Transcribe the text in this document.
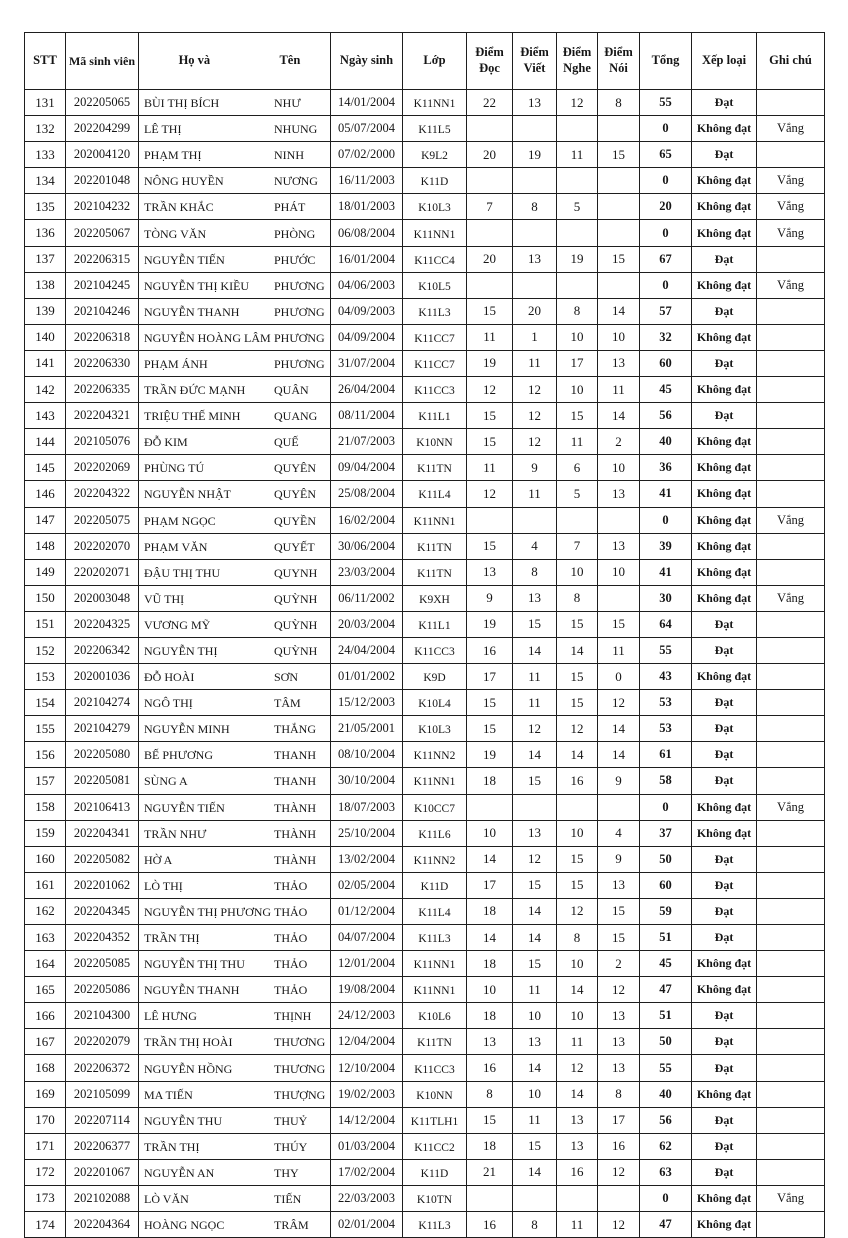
STT	Mã sinh viên	Họ và Tên	Ngày sinh	Lớp	Điểm Đọc	Điểm Viết	Điểm Nghe	Điểm Nói	Tổng	Xếp loại	Ghi chú
131	202205065	BÙI THỊ BÍCH NHƯ	14/01/2004	K11NN1	22	13	12	8	55	Đạt	
132	202204299	LÊ THỊ NHUNG	05/07/2004	K11L5					0	Không đạt	Vắng
133	202004120	PHẠM THỊ NINH	07/02/2000	K9L2	20	19	11	15	65	Đạt	
134	202201048	NÔNG HUYỀN NƯƠNG	16/11/2003	K11D					0	Không đạt	Vắng
135	202104232	TRẦN KHẮC PHÁT	18/01/2003	K10L3	7	8	5		20	Không đạt	Vắng
136	202205067	TÒNG VĂN PHÒNG	06/08/2004	K11NN1					0	Không đạt	Vắng
137	202206315	NGUYỄN TIẾN PHƯỚC	16/01/2004	K11CC4	20	13	19	15	67	Đạt	
138	202104245	NGUYỄN THỊ KIỀU PHƯƠNG	04/06/2003	K10L5					0	Không đạt	Vắng
139	202104246	NGUYỄN THANH PHƯƠNG	04/09/2003	K11L3	15	20	8	14	57	Đạt	
140	202206318	NGUYỄN HOÀNG LÂM PHƯƠNG	04/09/2004	K11CC7	11	1	10	10	32	Không đạt	
141	202206330	PHẠM ÁNH PHƯƠNG	31/07/2004	K11CC7	19	11	17	13	60	Đạt	
142	202206335	TRẦN ĐỨC MẠNH QUÂN	26/04/2004	K11CC3	12	12	10	11	45	Không đạt	
143	202204321	TRIỆU THẾ MINH QUANG	08/11/2004	K11L1	15	12	15	14	56	Đạt	
144	202105076	ĐỖ KIM QUẾ	21/07/2003	K10NN	15	12	11	2	40	Không đạt	
145	202202069	PHÙNG TÚ QUYÊN	09/04/2004	K11TN	11	9	6	10	36	Không đạt	
146	202204322	NGUYỄN NHẬT QUYÊN	25/08/2004	K11L4	12	11	5	13	41	Không đạt	
147	202205075	PHẠM NGỌC QUYỀN	16/02/2004	K11NN1					0	Không đạt	Vắng
148	202202070	PHẠM VĂN QUYẾT	30/06/2004	K11TN	15	4	7	13	39	Không đạt	
149	220202071	ĐẬU THỊ THU QUYNH	23/03/2004	K11TN	13	8	10	10	41	Không đạt	
150	202003048	VŨ THỊ QUỲNH	06/11/2002	K9XH	9	13	8		30	Không đạt	Vắng
151	202204325	VƯƠNG MỸ QUỲNH	20/03/2004	K11L1	19	15	15	15	64	Đạt	
152	202206342	NGUYỄN THỊ QUỲNH	24/04/2004	K11CC3	16	14	14	11	55	Đạt	
153	202001036	ĐỖ HOÀI SƠN	01/01/2002	K9D	17	11	15	0	43	Không đạt	
154	202104274	NGÔ THỊ TÂM	15/12/2003	K10L4	15	11	15	12	53	Đạt	
155	202104279	NGUYỄN MINH THẮNG	21/05/2001	K10L3	15	12	12	14	53	Đạt	
156	202205080	BẾ PHƯƠNG THANH	08/10/2004	K11NN2	19	14	14	14	61	Đạt	
157	202205081	SÙNG A THANH	30/10/2004	K11NN1	18	15	16	9	58	Đạt	
158	202106413	NGUYỄN TIẾN THÀNH	18/07/2003	K10CC7					0	Không đạt	Vắng
159	202204341	TRẦN NHƯ THÀNH	25/10/2004	K11L6	10	13	10	4	37	Không đạt	
160	202205082	HỜ A THÀNH	13/02/2004	K11NN2	14	12	15	9	50	Đạt	
161	202201062	LÒ THỊ THẢO	02/05/2004	K11D	17	15	15	13	60	Đạt	
162	202204345	NGUYỄN THỊ PHƯƠNG THẢO	01/12/2004	K11L4	18	14	12	15	59	Đạt	
163	202204352	TRẦN THỊ THẢO	04/07/2004	K11L3	14	14	8	15	51	Đạt	
164	202205085	NGUYỄN THỊ THU THẢO	12/01/2004	K11NN1	18	15	10	2	45	Không đạt	
165	202205086	NGUYỄN THANH THẢO	19/08/2004	K11NN1	10	11	14	12	47	Không đạt	
166	202104300	LÊ HƯNG THỊNH	24/12/2003	K10L6	18	10	10	13	51	Đạt	
167	202202079	TRẦN THỊ HOÀI THƯƠNG	12/04/2004	K11TN	13	13	11	13	50	Đạt	
168	202206372	NGUYỄN HỒNG THƯƠNG	12/10/2004	K11CC3	16	14	12	13	55	Đạt	
169	202105099	MA TIẾN THƯỢNG	19/02/2003	K10NN	8	10	14	8	40	Không đạt	
170	202207114	NGUYỄN THU THUỶ	14/12/2004	K11TLH1	15	11	13	17	56	Đạt	
171	202206377	TRẦN THỊ THÚY	01/03/2004	K11CC2	18	15	13	16	62	Đạt	
172	202201067	NGUYỄN AN THY	17/02/2004	K11D	21	14	16	12	63	Đạt	
173	202102088	LÒ VĂN TIẾN	22/03/2003	K10TN					0	Không đạt	Vắng
174	202204364	HOÀNG NGỌC TRÂM	02/01/2004	K11L3	16	8	11	12	47	Không đạt	
